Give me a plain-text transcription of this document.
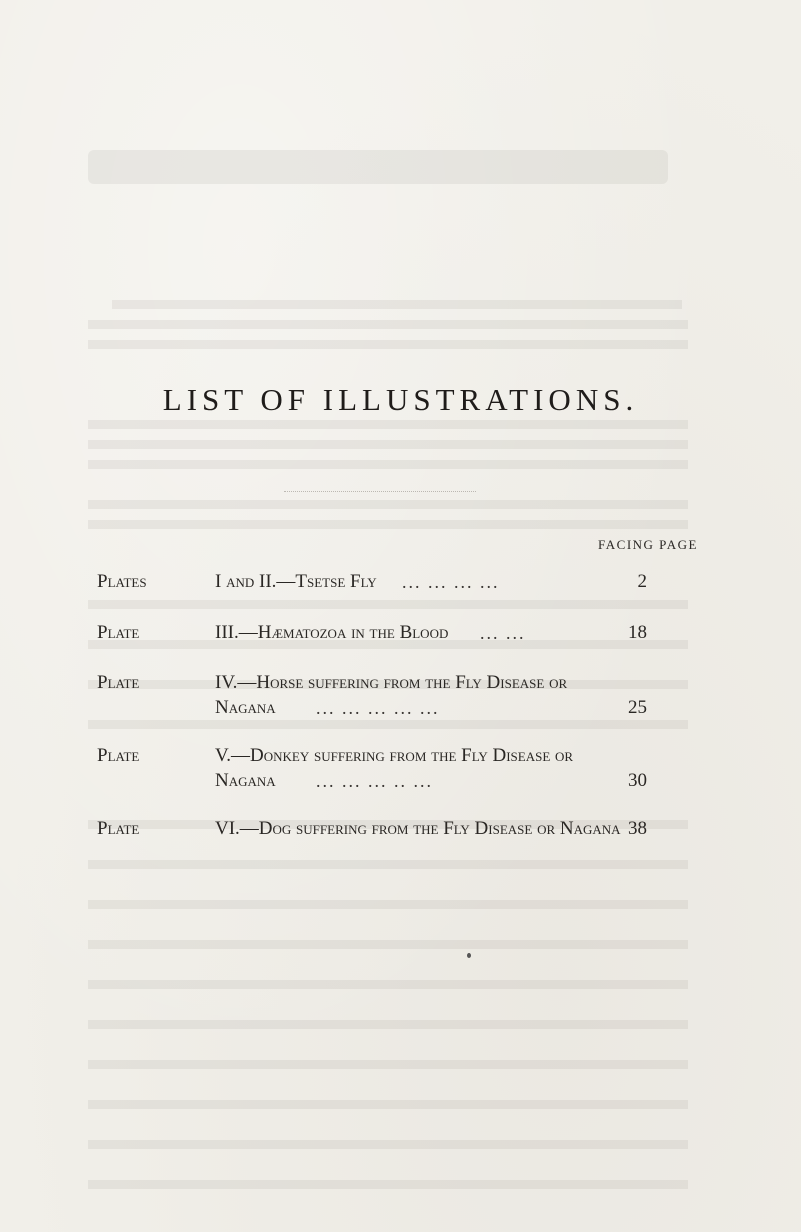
LIST OF ILLUSTRATIONS.
FACING PAGE
Plates	I and II.—Tsetse Fly ... ... ... ...	2
Plate	III.—Hæmatozoa in the Blood ... ...	18
Plate	IV.—Horse suffering from the Fly Disease or
Nagana ... ... ... ... ...	25
Plate	V.—Donkey suffering from the Fly Disease or
Nagana ... ... ... .. ...	30
Plate	VI.—Dog suffering from the Fly Disease or Nagana 38
